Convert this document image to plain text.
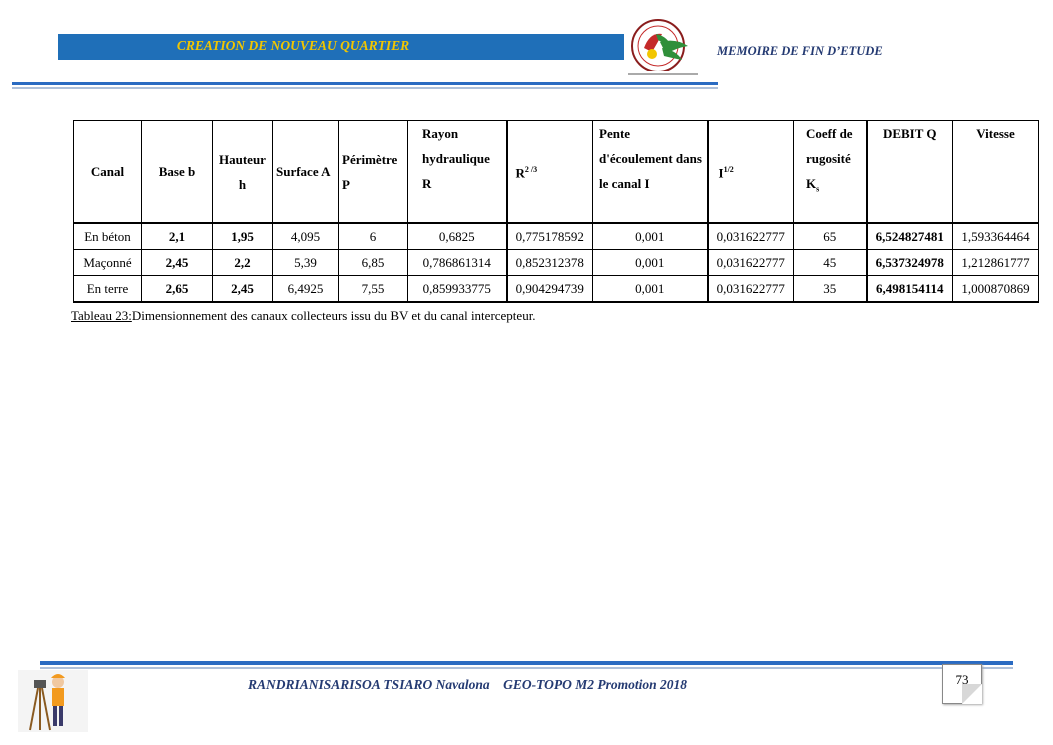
CREATION DE NOUVEAU QUARTIER	MEMOIRE DE FIN D’ETUDE
Canal	Base b	Hauteur h	Surface A	Périmètre P	Rayon hydraulique R	$R^{2 /3}$	Pente d'écoulement dans le canal I	$I^{1/2}$	Coeff de rugosité $K_s$	DEBIT Q	Vitesse
En béton	2,1	1,95	4,095	6	0,6825	0,775178592	0,001	0,031622777	65	6,524827481	1,593364464
Maçonné	2,45	2,2	5,39	6,85	0,786861314	0,852312378	0,001	0,031622777	45	6,537324978	1,212861777
En terre	2,65	2,45	6,4925	7,55	0,859933775	0,904294739	0,001	0,031622777	35	6,498154114	1,000870869
Tableau 23:Dimensionnement des canaux collecteurs issu du BV et du canal intercepteur.
RANDRIANISARISOA TSIARO Navalona    GEO-TOPO M2 Promotion 2018	73
